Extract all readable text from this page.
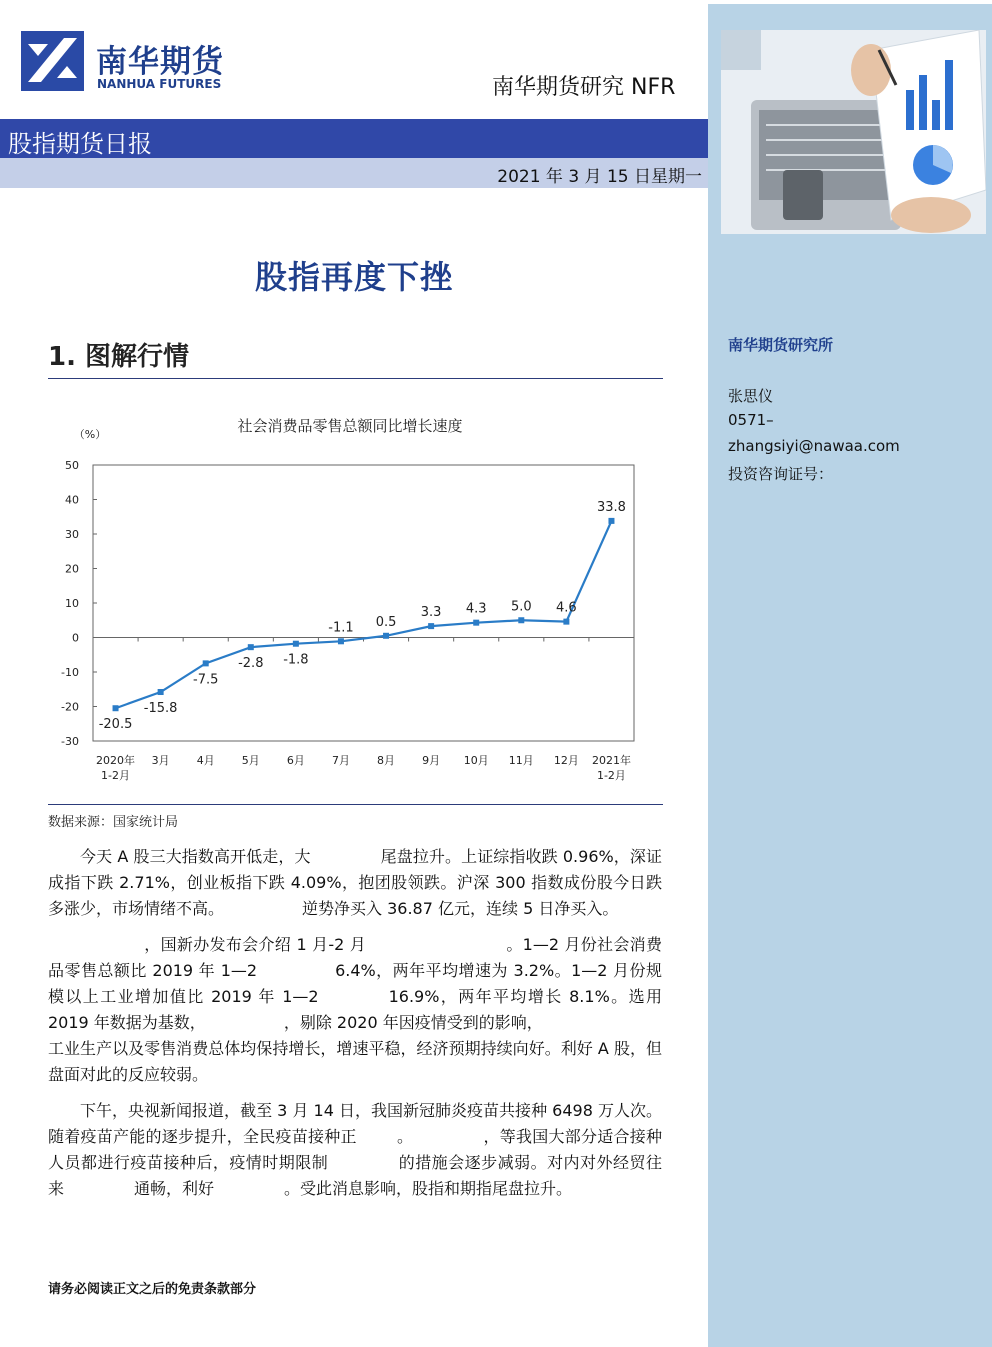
南华期货研究所
张思仪
0571–
zhangsiyi@nawaa.com
投资咨询证号：
南华期货
NANHUA FUTURES	南华期货研究 NFR
股指期货日报
2021 年 3 月 15 日星期一
股指再度下挫
1. 图解行情
社会消费品零售总额同比增长速度
（%）
50
40
30
20
10
0
-10
-20
-30
2020年 1-2月
3月 4月 5月 6月 7月 8月 9月 10月 11月 12月 2021年 1-2月
-20.5
-15.8
-7.5
-2.8 -1.8
-1.1 0.5
3.3 4.3 5.0 4.6
33.8
数据来源：国家统计局
今天 A 股三大指数高开低走，大	尾盘拉升。上证综指收跌 0.96%，深证成指下跌 2.71%，创业板指下跌 4.09%，抱团股领跌。沪深 300 指数成份股今日跌多涨少，市场情绪不高。	逆势净买入 36.87 亿元，连续 5 日净买入。
，国新办发布会介绍 1 月-2 月	。1—2 月份社会消费品零售总额比 2019 年 1—2	6.4%，两年平均增速为 3.2%。1—2 月份规模以上工业增加值比 2019 年 1—2	16.9%，两年平均增长 8.1%。选用 2019 年数据为基数，	，剔除 2020 年因疫情受到的影响，
工业生产以及零售消费总体均保持增长，增速平稳，经济预期持续向好。利好 A 股，但盘面对此的反应较弱。
下午，央视新闻报道，截至 3 月 14 日，我国新冠肺炎疫苗共接种 6498 万人次。随着疫苗产能的逐步提升，全民疫苗接种正	。	，等我国大部分适合接种人员都进行疫苗接种后，疫情时期限制	的措施会逐步减弱。对内对外经贸往来	通畅，利好	。受此消息影响，股指和期指尾盘拉升。
请务必阅读正文之后的免责条款部分
